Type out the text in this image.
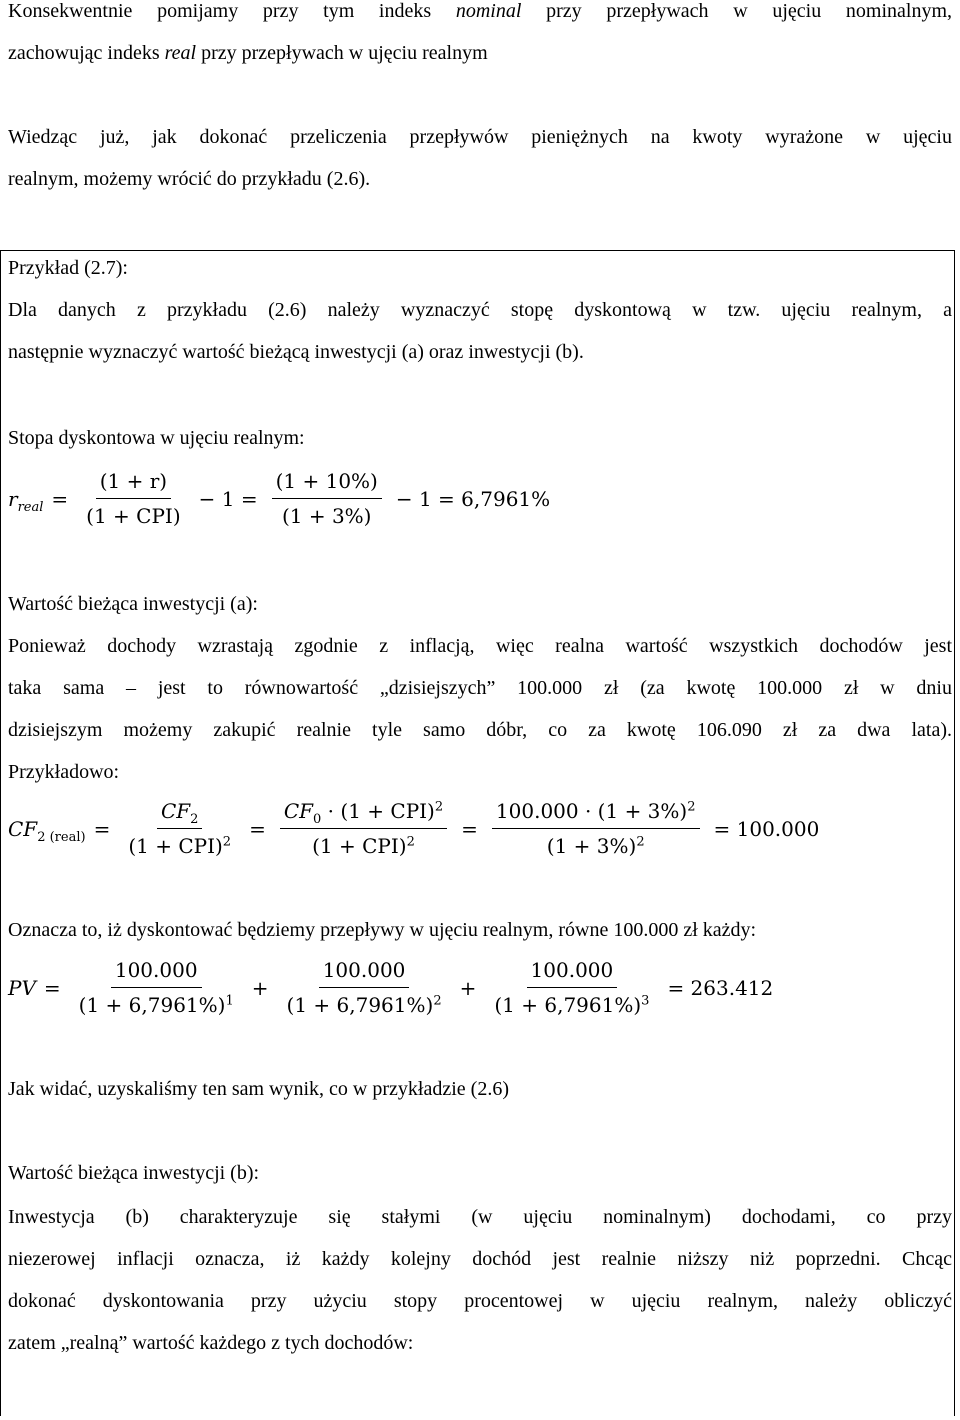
Konsekwentnie pomijamy przy tym indeks nominal przy przepływach w ujęciu nominalnym,

zachowując indeks real przy przepływach w ujęciu realnym

Wiedząc już, jak dokonać przeliczenia przepływów pieniężnych na kwoty wyrażone w ujęciu

realnym, możemy wrócić do przykładu (2.6).

Przykład (2.7):

Dla danych z przykładu (2.6) należy wyznaczyć stopę dyskontową w tzw. ujęciu realnym, a

następnie wyznaczyć wartość bieżącą inwestycji (a) oraz inwestycji (b).

Stopa dyskontowa w ujęciu realnym:

$r_{real} = \frac{(1 + r)}{\text{(1 + CPI)}} - 1 = \frac{(1 + 10\%)}{(1 + 3\%)} - 1 = 6,7961\%$

Wartość bieżąca inwestycji (a):

Ponieważ dochody wzrastają zgodnie z inflacją, więc realna wartość wszystkich dochodów jest

taka sama – jest to równowartość „dzisiejszych” 100.000 zł (za kwotę 100.000 zł w dniu

dzisiejszym możemy zakupić realnie tyle samo dóbr, co za kwotę 106.090 zł za dwa lata).

Przykładowo:

$CF_{2 (real)} = \frac{CF_2}{(1 + CPI)^2} = \frac{CF_0 \cdot (1 + CPI)^2}{(1 + CPI)^2} = \frac{100.000 \cdot (1 + 3\%)^2}{(1 + 3\%)^2} = 100.000$

Oznacza to, iż dyskontować będziemy przepływy w ujęciu realnym, równe 100.000 zł każdy:

PV = $\frac{100.000}{(1 + 6,7961\%)^1} + \frac{100.000}{(1 + 6,7961\%)^2} + \frac{100.000}{(1 + 6,7961\%)^3} = 263.412$

Jak widać, uzyskaliśmy ten sam wynik, co w przykładzie (2.6)

Wartość bieżąca inwestycji (b):

Inwestycja (b) charakteryzuje się stałymi (w ujęciu nominalnym) dochodami, co przy

niezerowej inflacji oznacza, iż każdy kolejny dochód jest realnie niższy niż poprzedni. Chcąc

dokonać dyskontowania przy użyciu stopy procentowej w ujęciu realnym, należy obliczyć

zatem „realną” wartość każdego z tych dochodów:
